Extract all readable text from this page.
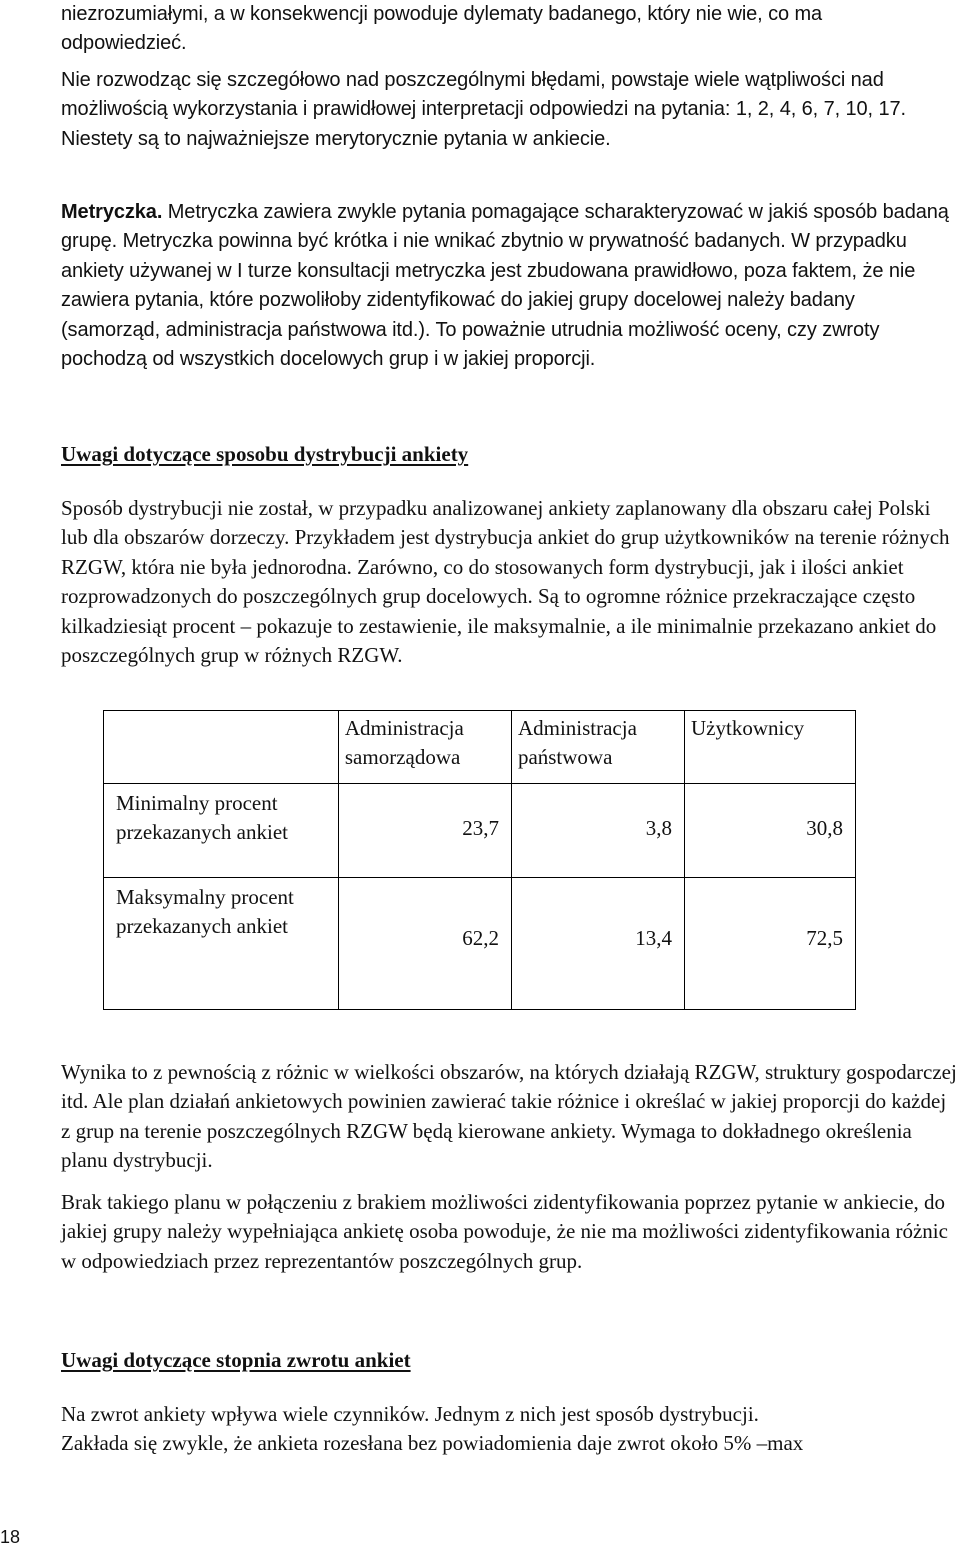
niezrozumiałymi, a w konsekwencji powoduje dylematy badanego, który nie wie, co ma
odpowiedzieć.

Nie rozwodząc się szczegółowo nad poszczególnymi błędami, powstaje wiele wątpliwości nad możliwością wykorzystania i prawidłowej interpretacji odpowiedzi na pytania: 1, 2, 4, 6, 7, 10, 17. Niestety są to najważniejsze merytorycznie pytania w ankiecie.

Metryczka. Metryczka zawiera zwykle pytania pomagające scharakteryzować w jakiś sposób badaną grupę. Metryczka powinna być krótka i nie wnikać zbytnio w prywatność badanych. W przypadku ankiety używanej w I turze konsultacji metryczka jest zbudowana prawidłowo, poza faktem, że nie zawiera pytania, które pozwoliłoby zidentyfikować do jakiej grupy docelowej należy badany (samorząd, administracja państwowa itd.). To poważnie utrudnia możliwość oceny, czy zwroty pochodzą od wszystkich docelowych grup i w jakiej proporcji.

Uwagi dotyczące sposobu dystrybucji ankiety

Sposób dystrybucji nie został, w przypadku analizowanej ankiety zaplanowany dla obszaru całej Polski lub dla obszarów dorzeczy. Przykładem jest dystrybucja ankiet do grup użytkowników na terenie różnych RZGW, która nie była jednorodna. Zarówno, co do stosowanych form dystrybucji, jak i ilości ankiet rozprowadzonych do poszczególnych grup docelowych. Są to ogromne różnice przekraczające często kilkadziesiąt procent – pokazuje to zestawienie, ile maksymalnie, a ile minimalnie przekazano ankiet do poszczególnych grup w różnych RZGW.

	Administracja samorządowa	Administracja państwowa	Użytkownicy

Minimalny procent przekazanych ankiet	23,7	3,8	30,8

Maksymalny procent przekazanych ankiet	62,2	13,4	72,5

Wynika to z pewnością z różnic w wielkości obszarów, na których działają RZGW, struktury gospodarczej itd. Ale plan działań ankietowych powinien zawierać takie różnice i określać w jakiej proporcji do każdej z grup na terenie poszczególnych RZGW będą kierowane ankiety. Wymaga to dokładnego określenia planu dystrybucji.

Brak takiego planu w połączeniu z brakiem możliwości zidentyfikowania poprzez pytanie w ankiecie, do jakiej grupy należy wypełniająca ankietę osoba powoduje, że nie ma możliwości zidentyfikowania różnic w odpowiedziach przez reprezentantów poszczególnych grup.

Uwagi dotyczące stopnia zwrotu ankiet

Na zwrot ankiety wpływa wiele czynników. Jednym z nich jest sposób dystrybucji.
Zakłada się zwykle, że ankieta rozesłana bez powiadomienia daje zwrot około 5% –max

18
